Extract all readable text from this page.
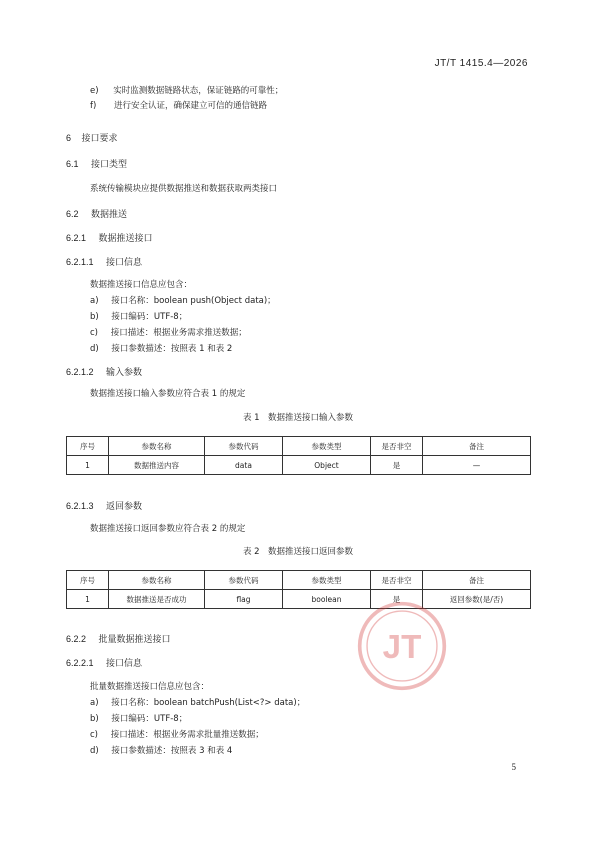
JT/T 1415.4—2026
e) 实时监测数据链路状态，保证链路的可靠性；
f) 进行安全认证，确保建立可信的通信链路
6 接口要求
6.1 接口类型
系统传输模块应提供数据推送和数据获取两类接口
6.2 数据推送
6.2.1 数据推送接口
6.2.1.1 接口信息
数据推送接口信息应包含：
a) 接口名称：boolean push(Object data)；
b) 接口编码：UTF-8；
c) 接口描述：根据业务需求推送数据；
d) 接口参数描述：按照表 1 和表 2
6.2.1.2 输入参数
数据推送接口输入参数应符合表 1 的规定
表 1　数据推送接口输入参数
序号	参数名称	参数代码	参数类型	是否非空	备注
1	数据推送内容	data	Object	是	—
6.2.1.3 返回参数
数据推送接口返回参数应符合表 2 的规定
表 2　数据推送接口返回参数
序号	参数名称	参数代码	参数类型	是否非空	备注
1	数据推送是否成功	flag	boolean	是	返回参数(是/否)
JT
6.2.2 批量数据推送接口
6.2.2.1 接口信息
批量数据推送接口信息应包含：
a) 接口名称：boolean batchPush(List<?> data)；
b) 接口编码：UTF-8；
c) 接口描述：根据业务需求批量推送数据；
d) 接口参数描述：按照表 3 和表 4
5
